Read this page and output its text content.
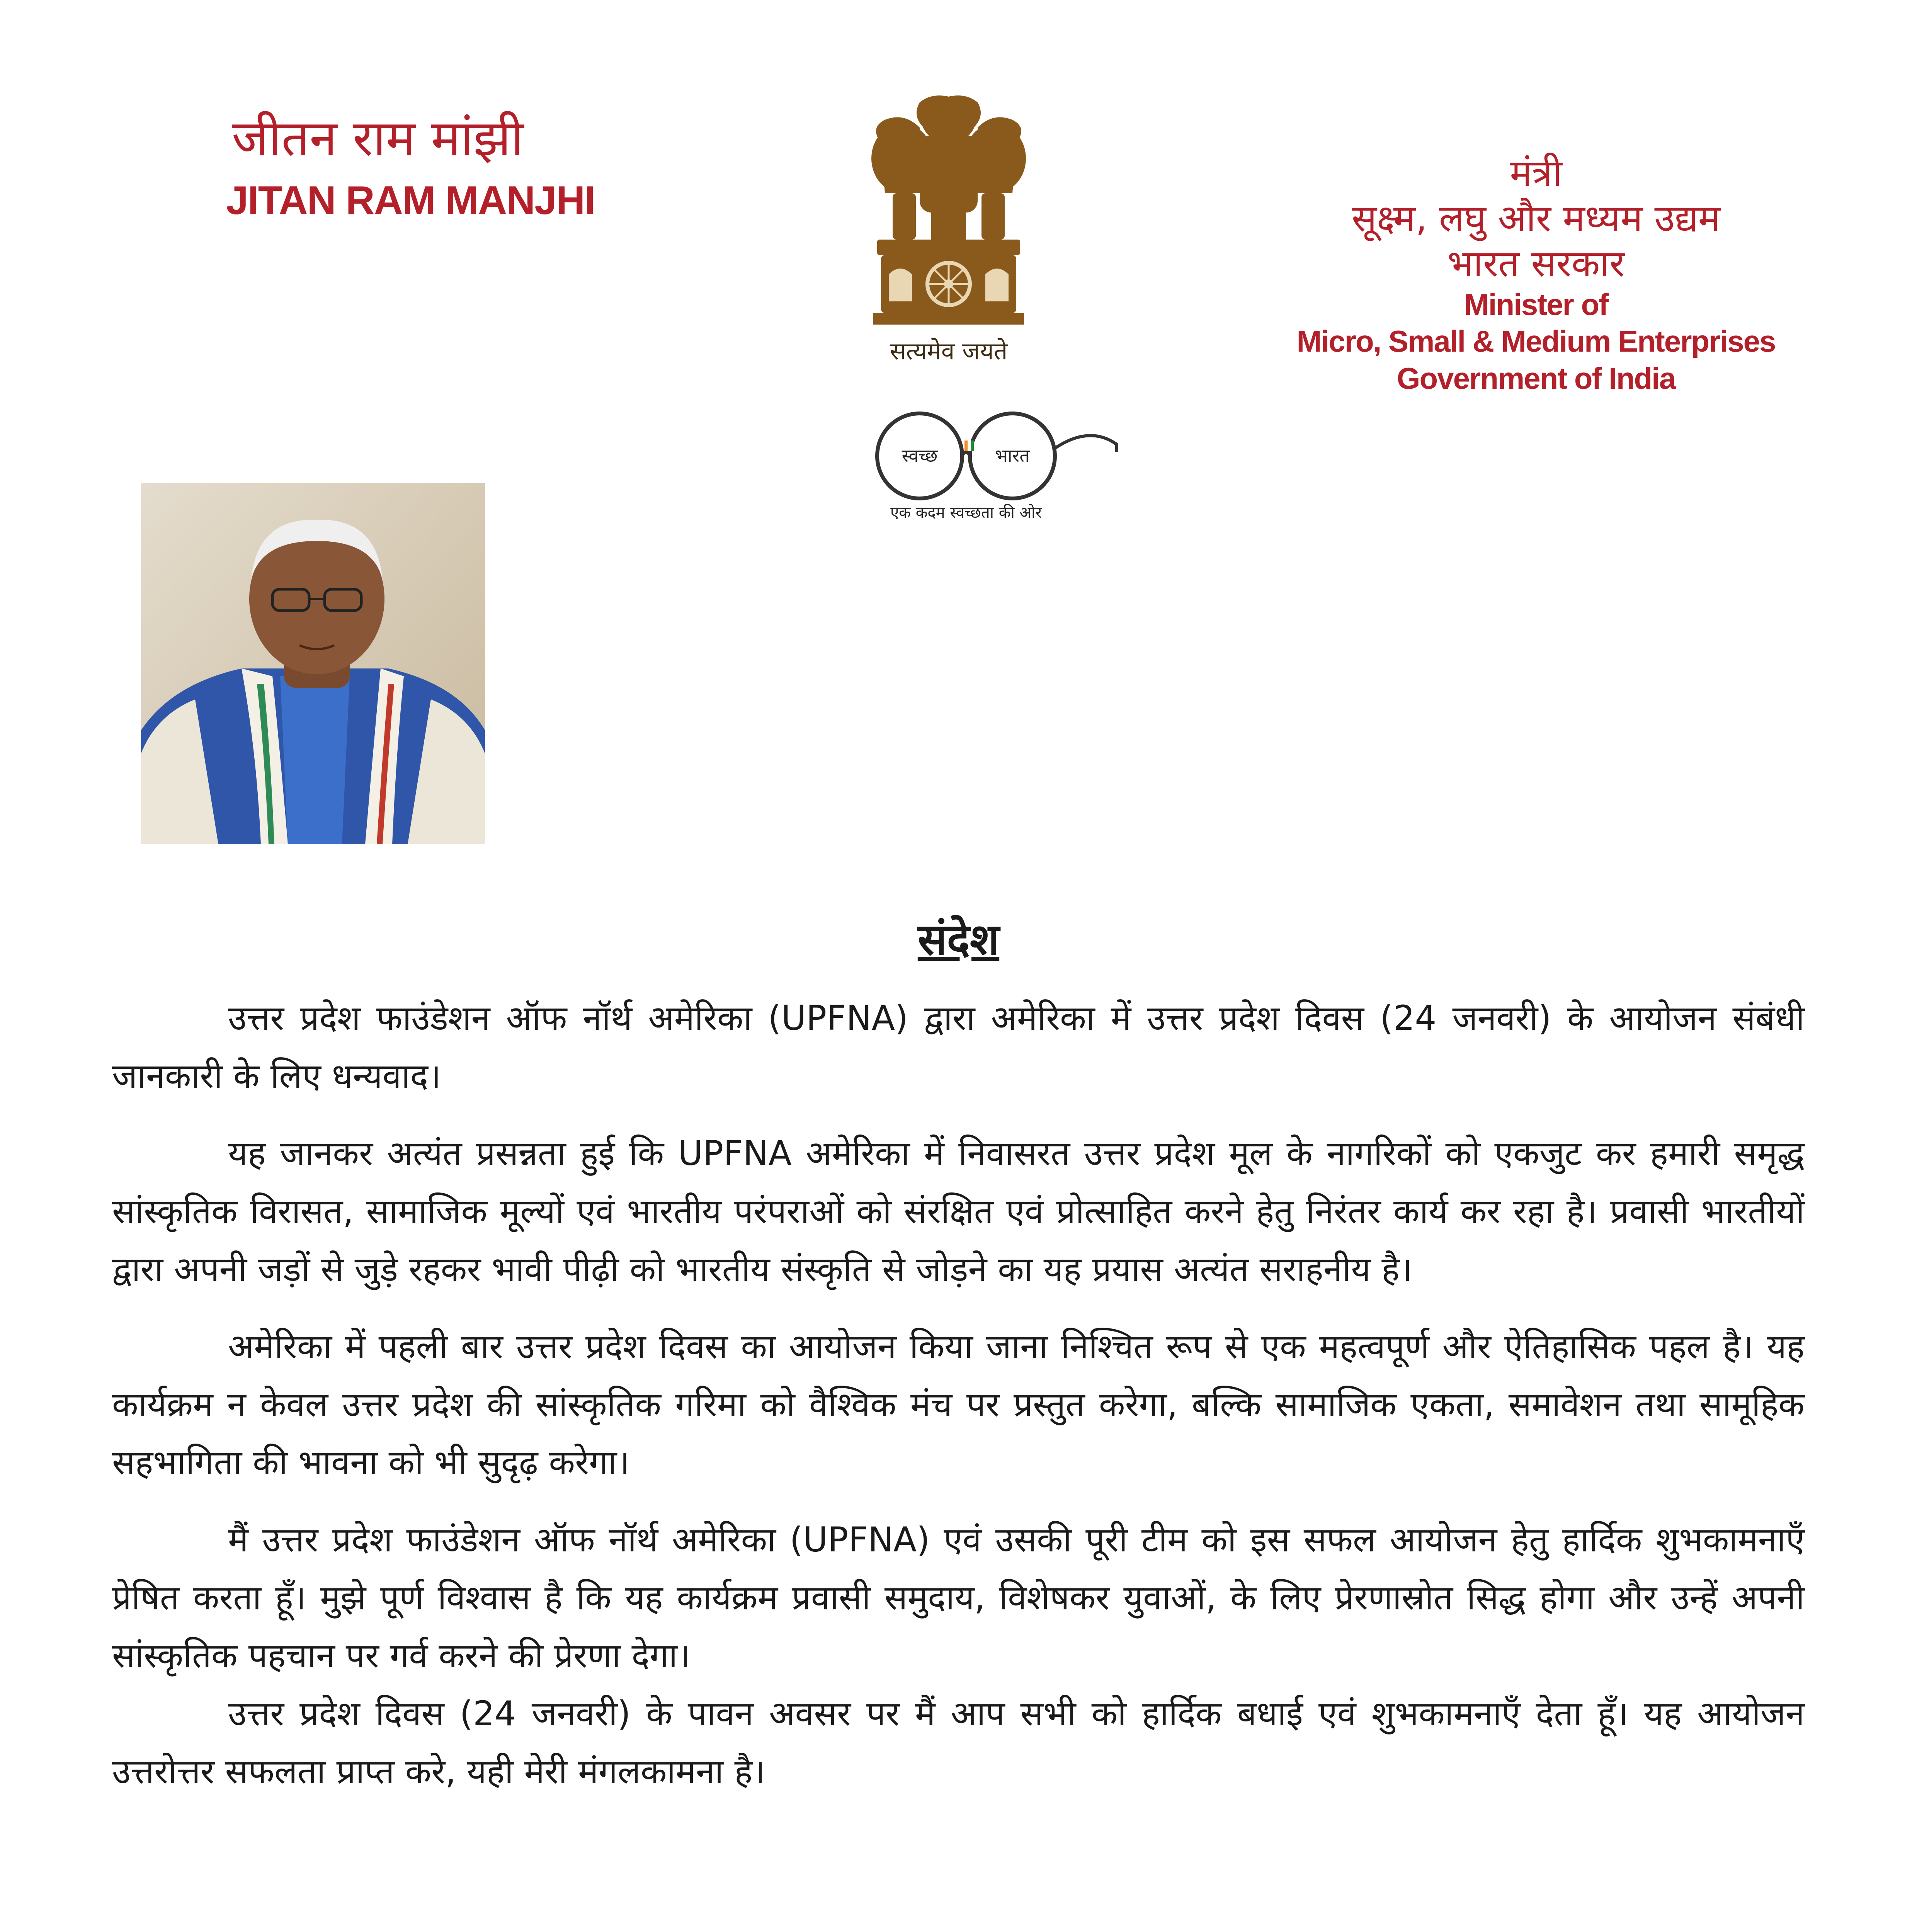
जीतन राम मांझी
JITAN RAM MANJHI
सत्यमेव जयते
स्वच्छ	भारत
एक कदम स्वच्छता की ओर
मंत्री
सूक्ष्म, लघु और मध्यम उद्यम
भारत सरकार
Minister of
Micro, Small & Medium Enterprises
Government of India
संदेश

उत्तर प्रदेश फाउंडेशन ऑफ नॉर्थ अमेरिका (UPFNA) द्वारा अमेरिका में उत्तर प्रदेश दिवस (24 जनवरी) के आयोजन संबंधी जानकारी के लिए धन्यवाद।

यह जानकर अत्यंत प्रसन्नता हुई कि UPFNA अमेरिका में निवासरत उत्तर प्रदेश मूल के नागरिकों को एकजुट कर हमारी समृद्ध सांस्कृतिक विरासत, सामाजिक मूल्यों एवं भारतीय परंपराओं को संरक्षित एवं प्रोत्साहित करने हेतु निरंतर कार्य कर रहा है। प्रवासी भारतीयों द्वारा अपनी जड़ों से जुड़े रहकर भावी पीढ़ी को भारतीय संस्कृति से जोड़ने का यह प्रयास अत्यंत सराहनीय है।

अमेरिका में पहली बार उत्तर प्रदेश दिवस का आयोजन किया जाना निश्चित रूप से एक महत्वपूर्ण और ऐतिहासिक पहल है। यह कार्यक्रम न केवल उत्तर प्रदेश की सांस्कृतिक गरिमा को वैश्विक मंच पर प्रस्तुत करेगा, बल्कि सामाजिक एकता, समावेशन तथा सामूहिक सहभागिता की भावना को भी सुदृढ़ करेगा।

मैं उत्तर प्रदेश फाउंडेशन ऑफ नॉर्थ अमेरिका (UPFNA) एवं उसकी पूरी टीम को इस सफल आयोजन हेतु हार्दिक शुभकामनाएँ प्रेषित करता हूँ। मुझे पूर्ण विश्वास है कि यह कार्यक्रम प्रवासी समुदाय, विशेषकर युवाओं, के लिए प्रेरणास्रोत सिद्ध होगा और उन्हें अपनी सांस्कृतिक पहचान पर गर्व करने की प्रेरणा देगा।

उत्तर प्रदेश दिवस (24 जनवरी) के पावन अवसर पर मैं आप सभी को हार्दिक बधाई एवं शुभकामनाएँ देता हूँ। यह आयोजन उत्तरोत्तर सफलता प्राप्त करे, यही मेरी मंगलकामना है।
